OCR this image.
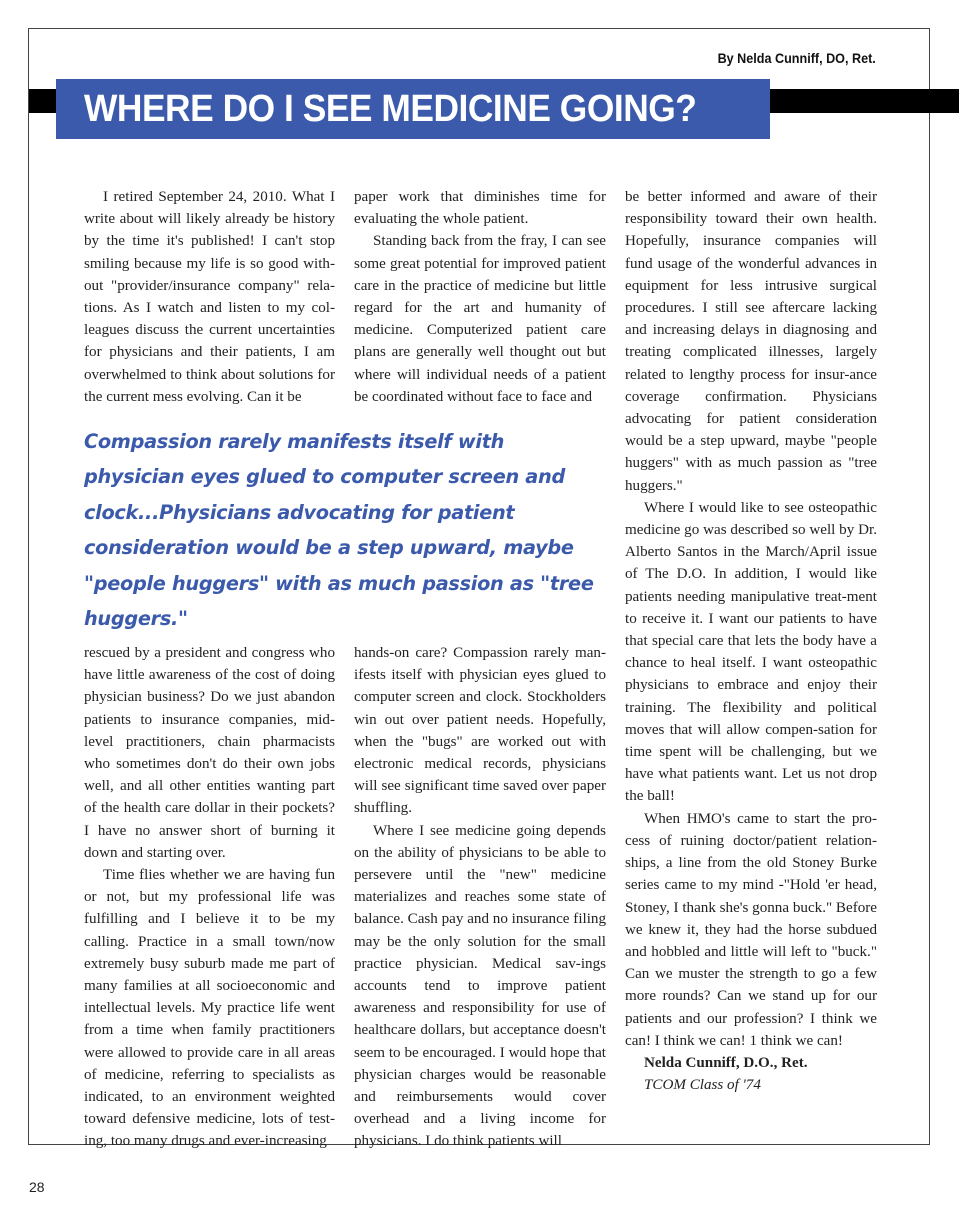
By Nelda Cunniff, DO, Ret.
WHERE DO I SEE MEDICINE GOING?

I retired September 24, 2010. What I write about will likely already be history by the time it's published! I can't stop smiling because my life is so good with-out "provider/insurance company" rela-tions. As I watch and listen to my col-leagues discuss the current uncertainties for physicians and their patients, I am overwhelmed to think about solutions for the current mess evolving. Can it be

paper work that diminishes time for evaluating the whole patient.

Standing back from the fray, I can see some great potential for improved patient care in the practice of medicine but little regard for the art and humanity of medicine. Computerized patient care plans are generally well thought out but where will individual needs of a patient be coordinated without face to face and

Compassion rarely manifests itself with physician eyes glued to computer screen and clock...Physicians advocating for patient consideration would be a step upward, maybe "people huggers" with as much passion as "tree huggers."

rescued by a president and congress who have little awareness of the cost of doing physician business? Do we just abandon patients to insurance companies, mid-level practitioners, chain pharmacists who sometimes don't do their own jobs well, and all other entities wanting part of the health care dollar in their pockets? I have no answer short of burning it down and starting over.

Time flies whether we are having fun or not, but my professional life was fulfilling and I believe it to be my calling. Practice in a small town/now extremely busy suburb made me part of many families at all socioeconomic and intellectual levels. My practice life went from a time when family practitioners were allowed to provide care in all areas of medicine, referring to specialists as indicated, to an environment weighted toward defensive medicine, lots of test-ing, too many drugs and ever-increasing

hands-on care? Compassion rarely man-ifests itself with physician eyes glued to computer screen and clock. Stockholders win out over patient needs. Hopefully, when the "bugs" are worked out with electronic medical records, physicians will see significant time saved over paper shuffling.

Where I see medicine going depends on the ability of physicians to be able to persevere until the "new" medicine materializes and reaches some state of balance. Cash pay and no insurance filing may be the only solution for the small practice physician. Medical sav-ings accounts tend to improve patient awareness and responsibility for use of healthcare dollars, but acceptance doesn't seem to be encouraged. I would hope that physician charges would be reasonable and reimbursements would cover overhead and a living income for physicians. I do think patients will

be better informed and aware of their responsibility toward their own health. Hopefully, insurance companies will fund usage of the wonderful advances in equipment for less intrusive surgical procedures. I still see aftercare lacking and increasing delays in diagnosing and treating complicated illnesses, largely related to lengthy process for insur-ance coverage confirmation. Physicians advocating for patient consideration would be a step upward, maybe "people huggers" with as much passion as "tree huggers."

Where I would like to see osteopathic medicine go was described so well by Dr. Alberto Santos in the March/April issue of The D.O. In addition, I would like patients needing manipulative treat-ment to receive it. I want our patients to have that special care that lets the body have a chance to heal itself. I want osteopathic physicians to embrace and enjoy their training. The flexibility and political moves that will allow compen-sation for time spent will be challenging, but we have what patients want. Let us not drop the ball!

When HMO's came to start the pro-cess of ruining doctor/patient relation-ships, a line from the old Stoney Burke series came to my mind -"Hold 'er head, Stoney, I thank she's gonna buck." Before we knew it, they had the horse subdued and hobbled and little will left to "buck." Can we muster the strength to go a few more rounds? Can we stand up for our patients and our profession? I think we can! I think we can! 1 think we can!

Nelda Cunniff, D.O., Ret.

TCOM Class of '74

28
